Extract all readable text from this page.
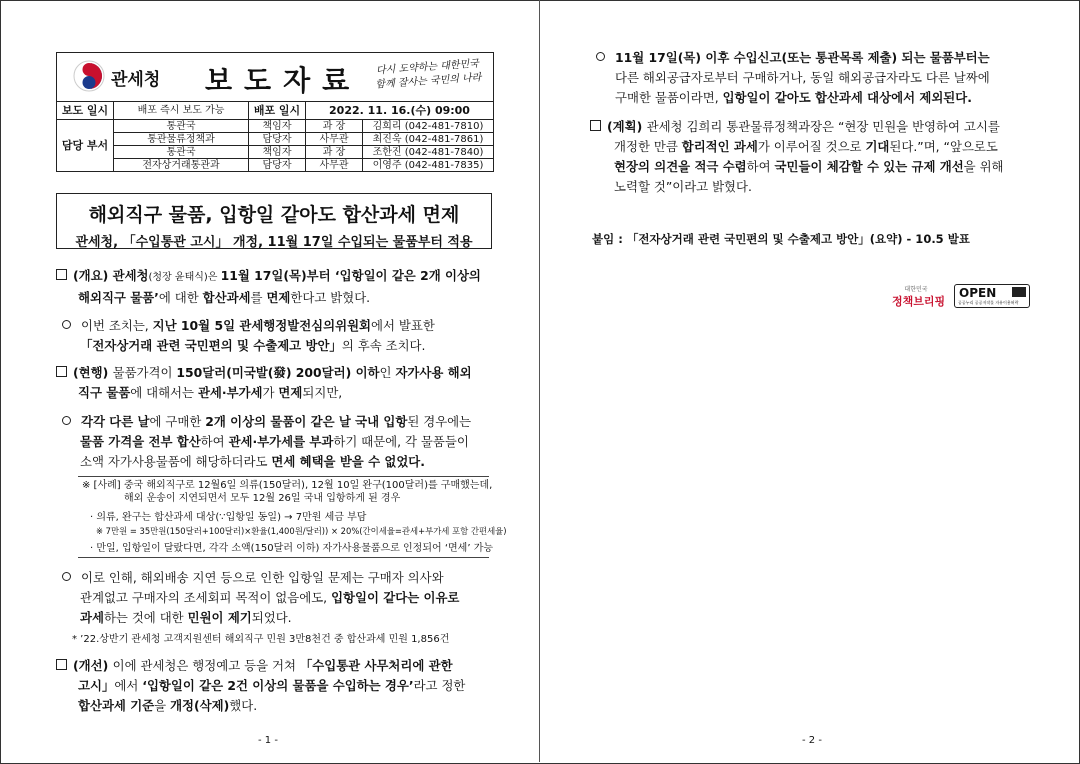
관세청 보도자료	다시 도약하는 대한민국
함께 잘사는 국민의 나라
보도 일시	배포 즉시 보도 가능	배포 일시	2022. 11. 16.(수) 09:00	
담당 부서	통관국	책임자	과 장	김희리 (042-481-7810)
	통관물류정책과	담당자	사무관	최진욱 (042-481-7861)
	통관국	책임자	과 장	조한진 (042-481-7840)
	전자상거래통관과	담당자	사무관	이영주 (042-481-7835)
해외직구 물품, 입항일 같아도 합산과세 면제
관세청, 「수입통관 고시」 개정, 11월 17일 수입되는 물품부터 적용
(개요) 관세청(청장 윤태식)은 11월 17일(목)부터 ‘입항일이 같은 2개 이상의
해외직구 물품’에 대한 합산과세를 면제한다고 밝혔다.
이번 조치는, 지난 10월 5일 관세행정발전심의위원회에서 발표한
「전자상거래 관련 국민편의 및 수출제고 방안」의 후속 조치다.
(현행) 물품가격이 150달러(미국발(發) 200달러) 이하인 자가사용 해외
직구 물품에 대해서는 관세·부가세가 면제되지만,
각각 다른 날에 구매한 2개 이상의 물품이 같은 날 국내 입항된 경우에는
물품 가격을 전부 합산하여 관세·부가세를 부과하기 때문에, 각 물품들이
소액 자가사용물품에 해당하더라도 면세 혜택을 받을 수 없었다.
※ [사례] 중국 해외직구로 12월6일 의류(150달러), 12월 10일 완구(100달러)를 구매했는데,
해외 운송이 지연되면서 모두 12월 26일 국내 입항하게 된 경우
· 의류, 완구는 합산과세 대상(∵입항일 동일) → 7만원 세금 부담
※ 7만원 = 35만원(150달러+100달러)×환율(1,400원/달러)) × 20%(간이세율=관세+부가세 포함 간편세율)
· 만일, 입항일이 달랐다면, 각각 소액(150달러 이하) 자가사용물품으로 인정되어 ‘면세’ 가능
이로 인해, 해외배송 지연 등으로 인한 입항일 문제는 구매자 의사와
관계없고 구매자의 조세회피 목적이 없음에도, 입항일이 같다는 이유로
과세하는 것에 대한 민원이 제기되었다.
* ’22.상반기 관세청 고객지원센터 해외직구 민원 3만8천건 중 합산과세 민원 1,856건
(개선) 이에 관세청은 행정예고 등을 거쳐 「수입통관 사무처리에 관한
고시」에서 ‘입항일이 같은 2건 이상의 물품을 수입하는 경우’라고 정한
합산과세 기준을 개정(삭제)했다.
- 1 -
11월 17일(목) 이후 수입신고(또는 통관목록 제출) 되는 물품부터는
다른 해외공급자로부터 구매하거나, 동일 해외공급자라도 다른 날짜에
구매한 물품이라면, 입항일이 같아도 합산과세 대상에서 제외된다.
(계획) 관세청 김희리 통관물류정책과장은 “현장 민원을 반영하여 고시를
개정한 만큼 합리적인 과세가 이루어질 것으로 기대된다.”며, “앞으로도
현장의 의견을 적극 수렴하여 국민들이 체감할 수 있는 규제 개선을 위해
노력할 것”이라고 밝혔다.
붙임 : 「전자상거래 관련 국민편의 및 수출제고 방안」(요약) - 10.5 발표
대한민국
정책브리핑
OPEN
공공누리 공공저작물 자유이용허락
- 2 -
